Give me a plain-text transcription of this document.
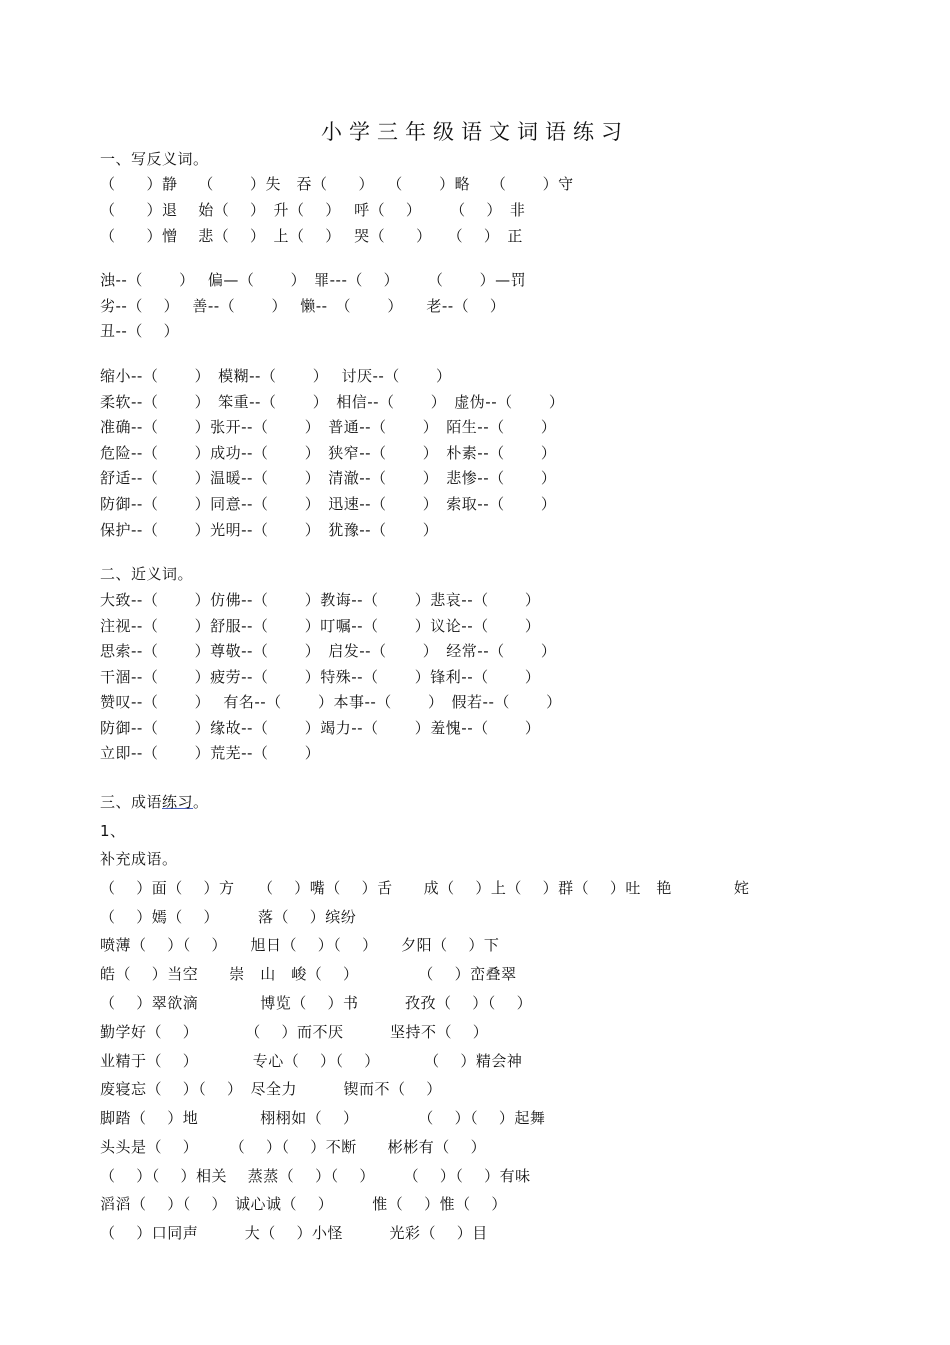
小学三年级语文词语练习
一、写反义词。
（　　）静　 （　　 ）失　吞（　　）　 （　　 ）略　 （　　 ）守
（　　）退　 始（　 ）　升（　 ）　 呼（　 ）　　 （　 ）　非
（　　）憎　 悲（　 ）　上（　 ）　 哭（　　）　　（　 ）　正
浊--（　　 ）　 偏—（　　 ）　罪---（　 ）　　 （　　 ）—罚
劣--（　 ）　 善--（　　 ）　 懒--　（　　 ）　　老--（　 ）
丑--（　 ）
缩小--（　　 ）　模糊--（　　 ）　 讨厌--（　　 ）
柔软--（　　 ）　笨重--（　　 ）　相信--（　　 ）　虚伪--（　　 ）
准确--（　　 ）张开--（　　 ）　普通--（　　 ）　陌生--（　　 ）
危险--（　　 ）成功--（　　 ）　狭窄--（　　 ）　朴素--（　　 ）
舒适--（　　 ）温暖--（　　 ）　清澈--（　　 ）　悲惨--（　　 ）
防御--（　　 ）同意--（　　 ）　迅速--（　　 ）　索取--（　　 ）
保护--（　　 ）光明--（　　 ）　犹豫--（　　 ）
二、近义词。
大致--（　　 ）仿佛--（　　 ）教诲--（　　 ）悲哀--（　　 ）
注视--（　　 ）舒服--（　　 ）叮嘱--（　　 ）议论--（　　 ）
思索--（　　 ）尊敬--（　　 ）　启发--（　　 ）　经常--（　　 ）
干涸--（　　 ）疲劳--（　　 ）特殊--（　　 ）锋利--（　　 ）
赞叹--（　　 ）　 有名--（　　 ）本事--（　　 ）　假若--（　　 ）
防御--（　　 ）缘故--（　　 ）竭力--（　　 ）羞愧--（　　 ）
立即--（　　 ）荒芜--（　　 ）
三、成语练习。
1、
补充成语。
（　 ）面（　 ）方　　（　 ）嘴（　 ）舌　　成（　 ）上（　 ）群（　 ）吐　艳　　　　姹
（　 ）嫣（　 ）　　　落（　 ）缤纷
喷薄（　 ）（　 ）　　旭日（　 ）（　 ）　　夕阳（　 ）下
皓（　 ）当空　　崇　山　峻（　 ）　　　　 （　 ）峦叠翠
（　 ）翠欲滴　　　　博览（　 ）书　　　孜孜（　 ）（　 ）
勤学好（　 ）　　　　（　 ）而不厌　　　坚持不（　 ）
业精于（　 ）　　　　专心（　 ）（　 ）　　　 （　 ）精会神
废寝忘（　 ）（　 ）　尽全力　　　锲而不（　 ）
脚踏（　 ）地　　　　栩栩如（　 ）　　　　 （　 ）（　 ）起舞
头头是（　 ）　　　（　 ）（　 ）不断　　彬彬有（　 ）
（　 ）（　 ）相关　 蒸蒸（　 ）（　 ）　　 （　 ）（　 ）有味
滔滔（　 ）（　 ）　诚心诚（　 ）　　　惟（　 ）惟（　 ）
（　 ）口同声　　　大（　 ）小怪　　　光彩（　 ）目
